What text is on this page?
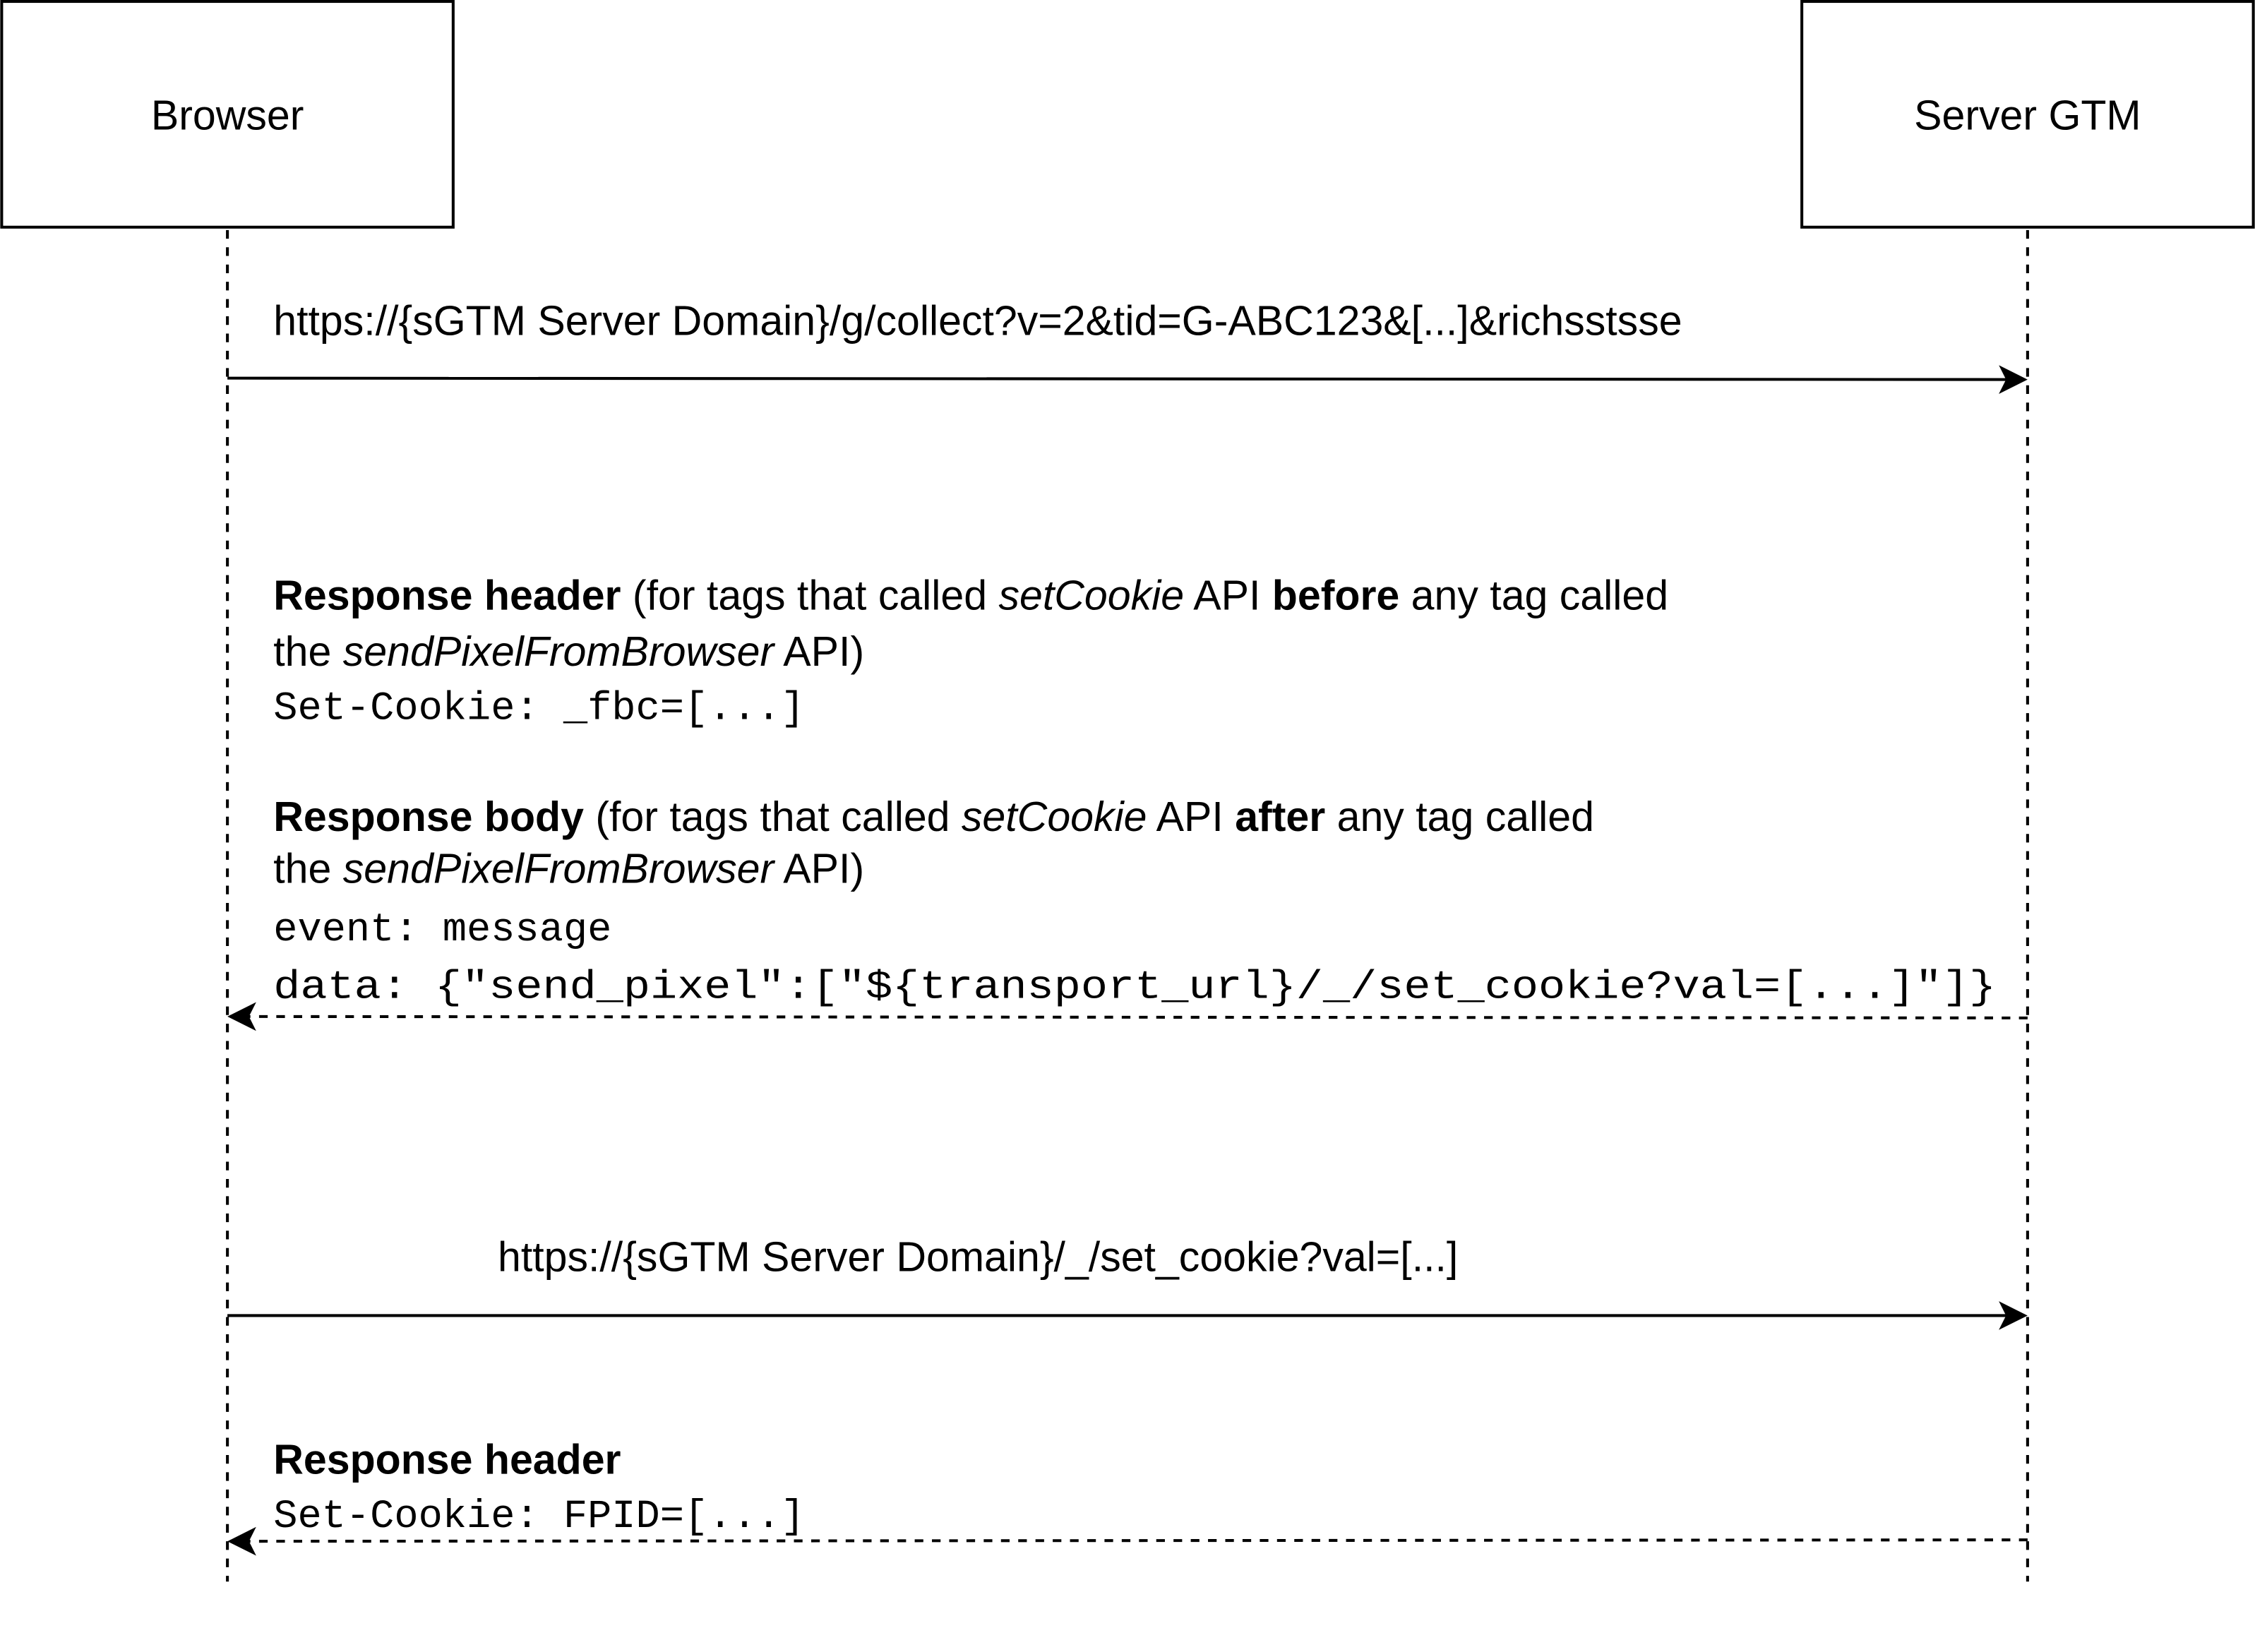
Browser	Server GTM
https://{sGTM Server Domain}/g/collect?v=2&tid=G-ABC123&[...]&richsstsse
Response header (for tags that called setCookie API before any tag called
the sendPixelFromBrowser API)
Set-Cookie: _fbc=[...]
Response body (for tags that called setCookie API after any tag called
the sendPixelFromBrowser API)
event: message
data: {"send_pixel":["${transport_url}/_/set_cookie?val=[...]"]}
https://{sGTM Server Domain}/_/set_cookie?val=[...]
Response header
Set-Cookie: FPID=[...]
